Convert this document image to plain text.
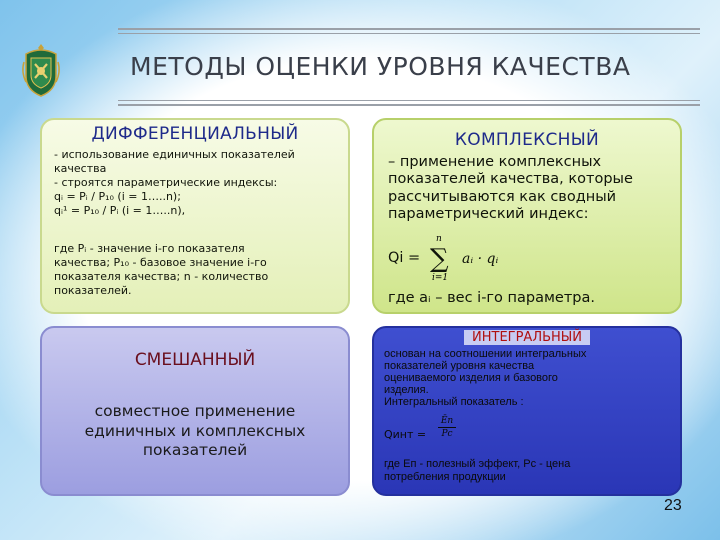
МЕТОДЫ ОЦЕНКИ УРОВНЯ КАЧЕСТВА
ДИФФЕРЕНЦИАЛЬНЫЙ
- использование единичных показателей
качества
- строятся параметрические индексы:
qᵢ = Pᵢ / P₁₀ (i = 1…..n);
qᵢ¹ = P₁₀ / Pᵢ (i = 1…..n),
где Pᵢ - значение i-го показателя
качества; P₁₀ - базовое значение i-го
показателя качества; n - количество
показателей.
КОМПЛЕКСНЫЙ
– применение комплексных показателей качества, которые рассчитываются как сводный параметрический индекс:
Qi =
n
∑
i=1
aᵢ · qᵢ
где aᵢ – вес i-го параметра.
СМЕШАННЫЙ
совместное применение
единичных и комплексных
показателей
ИНТЕГРАЛЬНЫЙ
основан на соотношении интегральных
показателей уровня качества
оцениваемого изделия и базового
изделия.
Интегральный показатель :
Qинт =
Ēп
Pс
где Eп - полезный эффект, Pс - цена
потребления продукции
23
